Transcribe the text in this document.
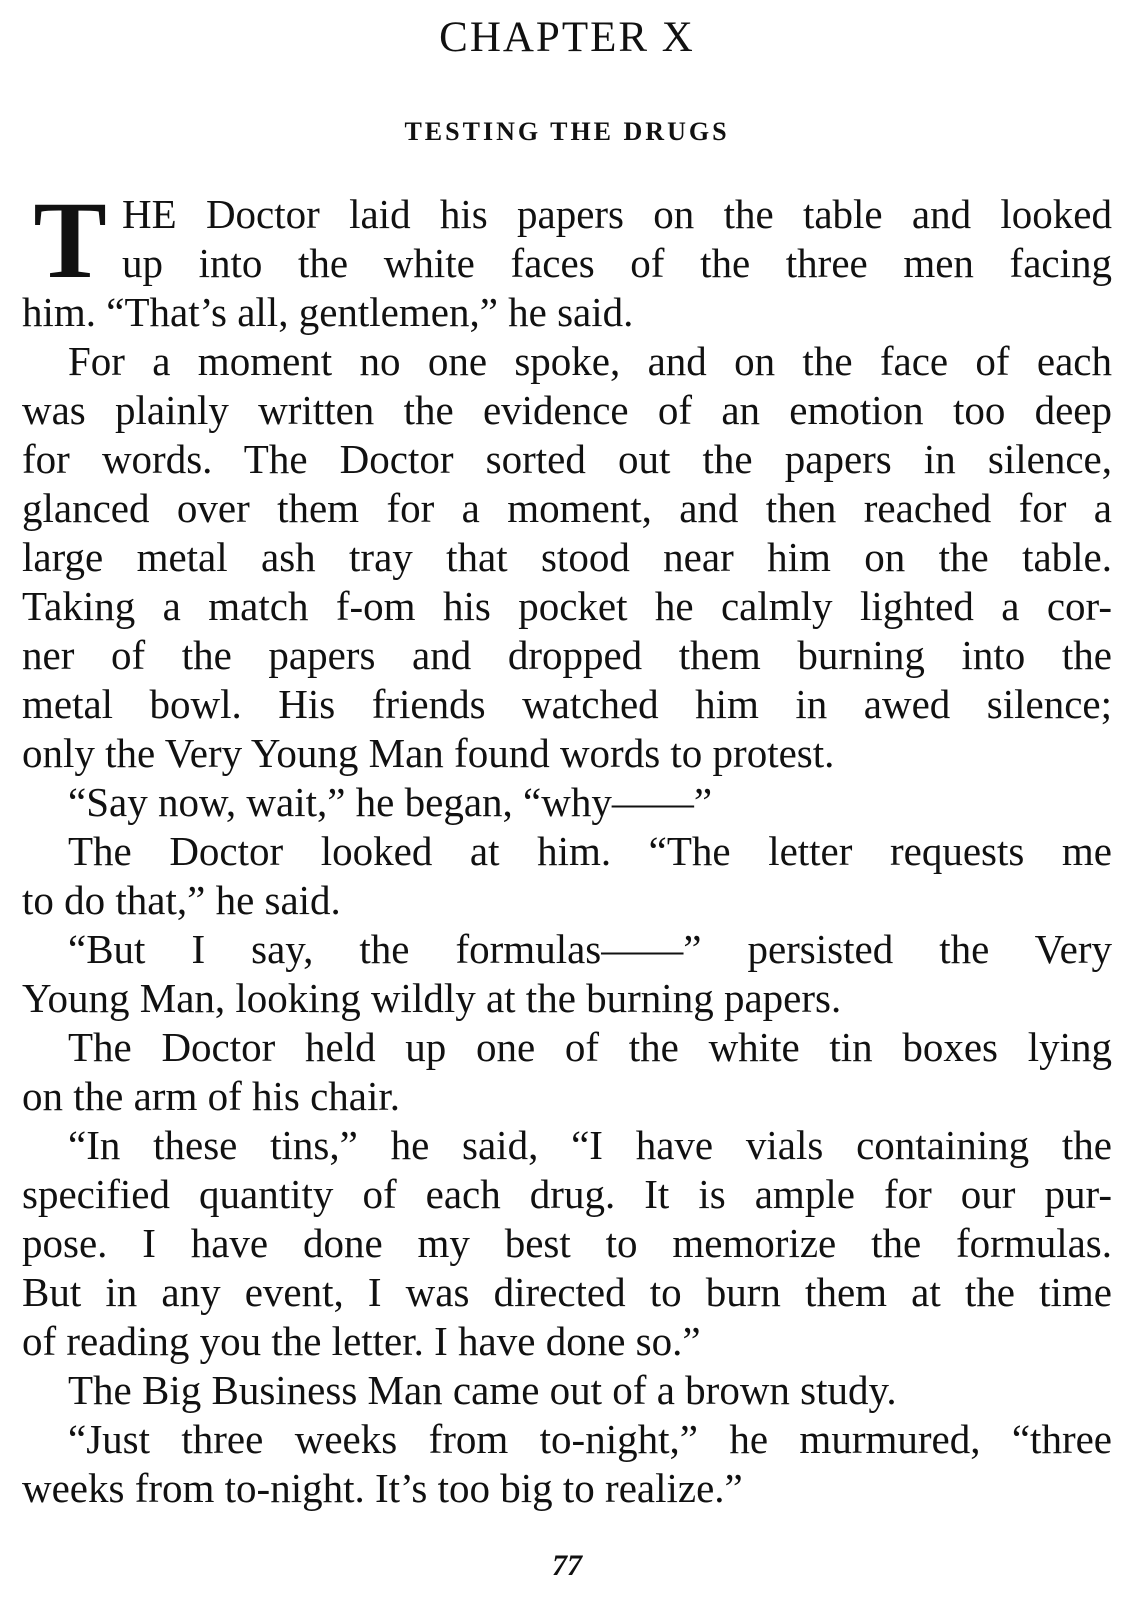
CHAPTER X
TESTING THE DRUGS
T HE Doctor laid his papers on the table and looked
up into the white faces of the three men facing
him. “That’s all, gentlemen,” he said.
For a moment no one spoke, and on the face of each
was plainly written the evidence of an emotion too deep
for words. The Doctor sorted out the papers in silence,
glanced over them for a moment, and then reached for a
large metal ash tray that stood near him on the table.
Taking a match f-om his pocket he calmly lighted a cor-
ner of the papers and dropped them burning into the
metal bowl. His friends watched him in awed silence;
only the Very Young Man found words to protest.
“Say now, wait,” he began, “why——”
The Doctor looked at him. “The letter requests me
to do that,” he said.
“But I say, the formulas——” persisted the Very
Young Man, looking wildly at the burning papers.
The Doctor held up one of the white tin boxes lying
on the arm of his chair.
“In these tins,” he said, “I have vials containing the
specified quantity of each drug. It is ample for our pur-
pose. I have done my best to memorize the formulas.
But in any event, I was directed to burn them at the time
of reading you the letter. I have done so.”
The Big Business Man came out of a brown study.
“Just three weeks from to-night,” he murmured, “three
weeks from to-night. It’s too big to realize.”
77
